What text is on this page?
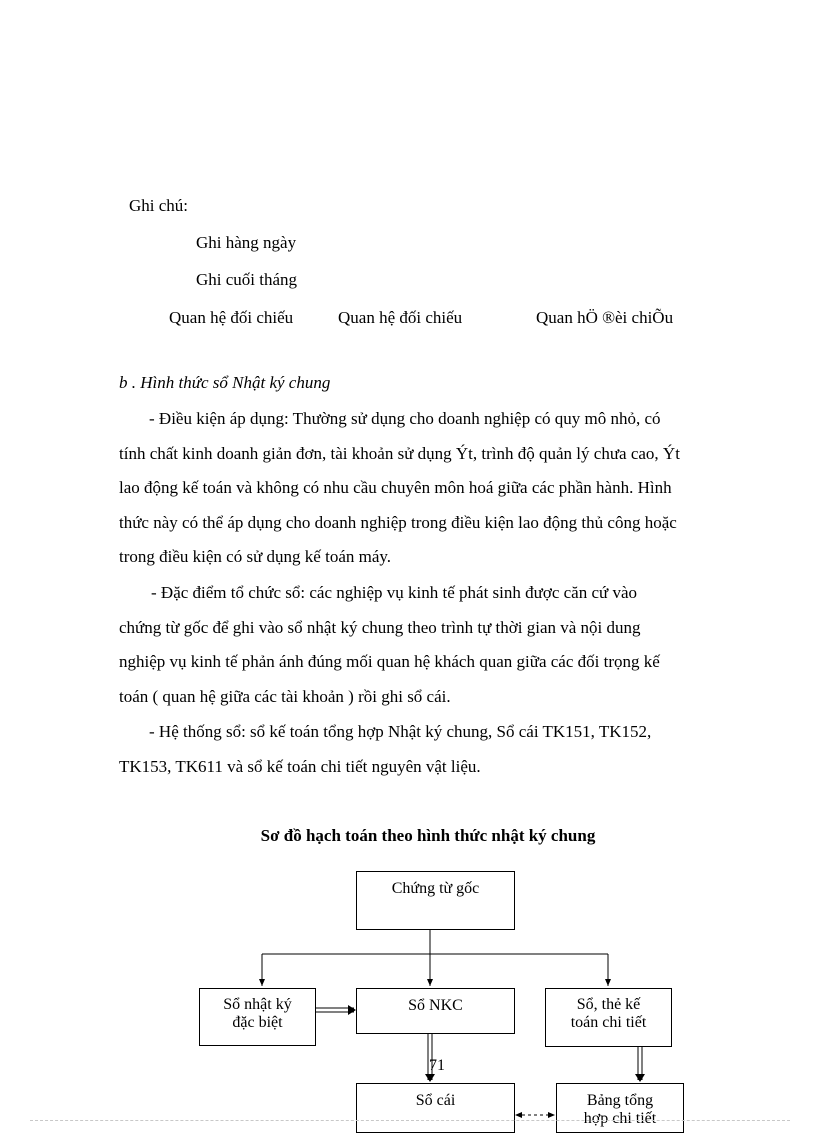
Ghi chú:
Ghi hàng ngày
Ghi cuối tháng
Quan hệ đối chiếu	Quan hệ đối chiếu	Quan hÖ ®èi chiÕu
b . Hình thức sổ Nhật ký chung
- Điều kiện áp dụng: Thường sử dụng cho doanh nghiệp có quy mô nhỏ, có
tính chất kinh doanh giản đơn, tài khoản sử dụng Ýt, trình độ quản lý chưa cao, Ýt
lao động kế toán và không có nhu cầu chuyên môn hoá giữa các phần hành. Hình
thức này có thể áp dụng cho doanh nghiệp trong điều kiện lao động thủ công hoặc
trong điều kiện có sử dụng kế toán máy.
- Đặc điểm tổ chức sổ: các nghiệp vụ kinh tế phát sinh được căn cứ vào
chứng từ gốc để ghi vào sổ nhật ký chung theo trình tự thời gian và nội dung
nghiệp vụ kinh tế phản ánh đúng mối quan hệ khách quan giữa các đối trọng kế
toán ( quan hệ giữa các tài khoản ) rồi ghi sổ cái.
- Hệ thống sổ: sổ kế toán tổng hợp Nhật ký chung, Sổ cái TK151, TK152,
TK153, TK611 và sổ kế toán chi tiết nguyên vật liệu.
Sơ đồ hạch toán theo hình thức nhật ký chung
Chứng từ gốc
Sổ nhật ký
đặc biệt
Sổ NKC	Sổ, thẻ kế
toán chi tiết
Sổ cái	Bảng tổng
hợp chi tiết
71
